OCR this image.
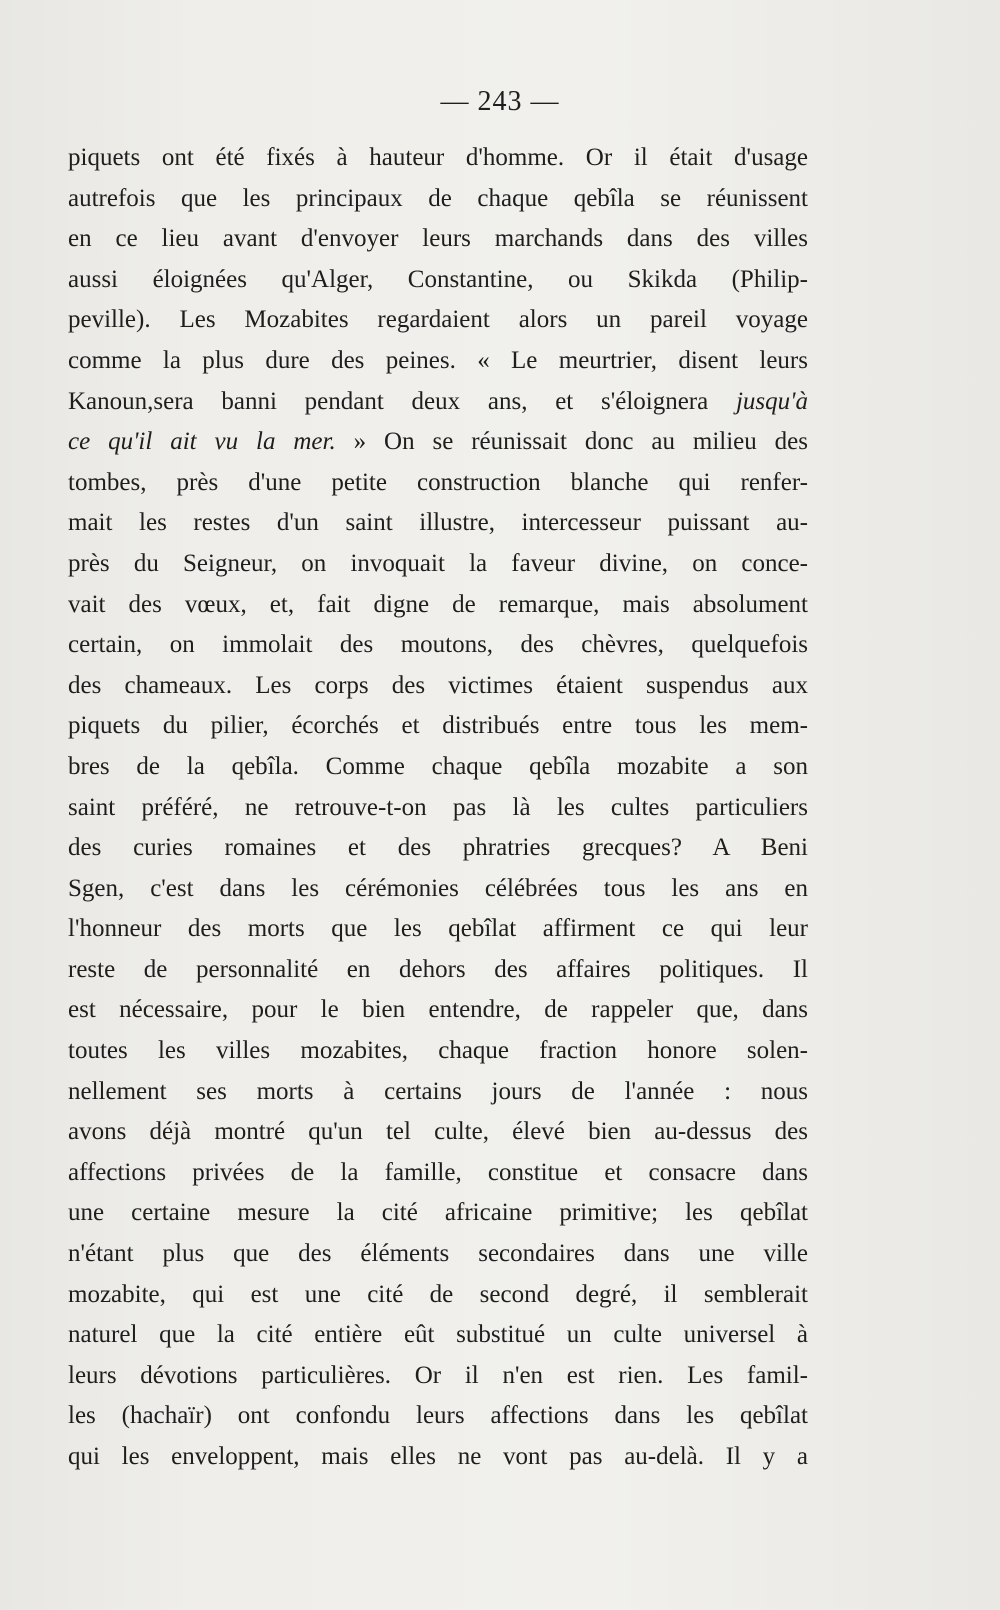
— 243 —
piquets ont été fixés à hauteur d'homme. Or il était d'usage
autrefois que les principaux de chaque qebîla se réunissent
en ce lieu avant d'envoyer leurs marchands dans des villes
aussi éloignées qu'Alger, Constantine, ou Skikda (Philip-
peville). Les Mozabites regardaient alors un pareil voyage
comme la plus dure des peines. « Le meurtrier, disent leurs
Kanoun,sera banni pendant deux ans, et s'éloignera jusqu'à
ce qu'il ait vu la mer. » On se réunissait donc au milieu des
tombes, près d'une petite construction blanche qui renfer-
mait les restes d'un saint illustre, intercesseur puissant au-
près du Seigneur, on invoquait la faveur divine, on conce-
vait des vœux, et, fait digne de remarque, mais absolument
certain, on immolait des moutons, des chèvres, quelquefois
des chameaux. Les corps des victimes étaient suspendus aux
piquets du pilier, écorchés et distribués entre tous les mem-
bres de la qebîla. Comme chaque qebîla mozabite a son
saint préféré, ne retrouve-t-on pas là les cultes particuliers
des curies romaines et des phratries grecques? A Beni
Sgen, c'est dans les cérémonies célébrées tous les ans en
l'honneur des morts que les qebîlat affirment ce qui leur
reste de personnalité en dehors des affaires politiques. Il
est nécessaire, pour le bien entendre, de rappeler que, dans
toutes les villes mozabites, chaque fraction honore solen-
nellement ses morts à certains jours de l'année : nous
avons déjà montré qu'un tel culte, élevé bien au-dessus des
affections privées de la famille, constitue et consacre dans
une certaine mesure la cité africaine primitive; les qebîlat
n'étant plus que des éléments secondaires dans une ville
mozabite, qui est une cité de second degré, il semblerait
naturel que la cité entière eût substitué un culte universel à
leurs dévotions particulières. Or il n'en est rien. Les famil-
les (hachaïr) ont confondu leurs affections dans les qebîlat
qui les enveloppent, mais elles ne vont pas au-delà. Il y a
